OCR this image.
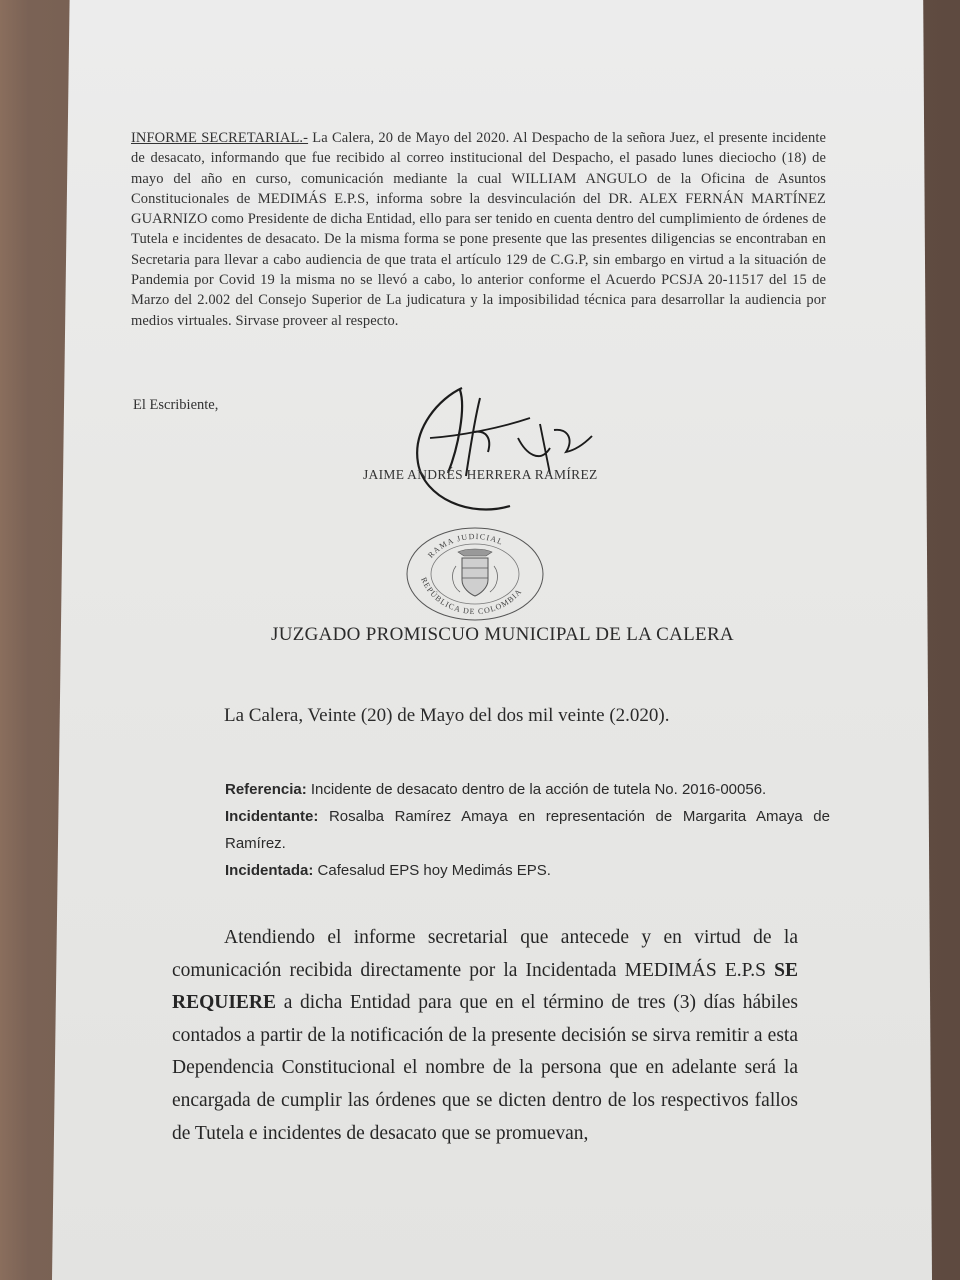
INFORME SECRETARIAL.- La Calera, 20 de Mayo del 2020. Al Despacho de la señora Juez, el presente incidente de desacato, informando que fue recibido al correo institucional del Despacho, el pasado lunes dieciocho (18) de mayo del año en curso, comunicación mediante la cual WILLIAM ANGULO de la Oficina de Asuntos Constitucionales de MEDIMÁS E.P.S, informa sobre la desvinculación del DR. ALEX FERNÁN MARTÍNEZ GUARNIZO como Presidente de dicha Entidad, ello para ser tenido en cuenta dentro del cumplimiento de órdenes de Tutela e incidentes de desacato. De la misma forma se pone presente que las presentes diligencias se encontraban en Secretaria para llevar a cabo audiencia de que trata el artículo 129 de C.G.P, sin embargo en virtud a la situación de Pandemia por Covid 19 la misma no se llevó a cabo, lo anterior conforme el Acuerdo PCSJA 20-11517 del 15 de Marzo del 2.002 del Consejo Superior de La judicatura y la imposibilidad técnica para desarrollar la audiencia por medios virtuales. Sirvase proveer al respecto.
El Escribiente,
JAIME ANDRÉS HERRERA RAMÍREZ
RAMA JUDICIAL
REPÚBLICA DE COLOMBIA
JUZGADO PROMISCUO MUNICIPAL DE LA CALERA
La Calera, Veinte (20) de Mayo del dos mil veinte (2.020).
Referencia: Incidente de desacato dentro de la acción de tutela No. 2016-00056.
Incidentante: Rosalba Ramírez Amaya en representación de Margarita Amaya de Ramírez.
Incidentada: Cafesalud EPS hoy Medimás EPS.
Atendiendo el informe secretarial que antecede y en virtud de la comunicación recibida directamente por la Incidentada MEDIMÁS E.P.S SE REQUIERE a dicha Entidad para que en el término de tres (3) días hábiles contados a partir de la notificación de la presente decisión se sirva remitir a esta Dependencia Constitucional el nombre de la persona que en adelante será la encargada de cumplir las órdenes que se dicten dentro de los respectivos fallos de Tutela e incidentes de desacato que se promuevan,
